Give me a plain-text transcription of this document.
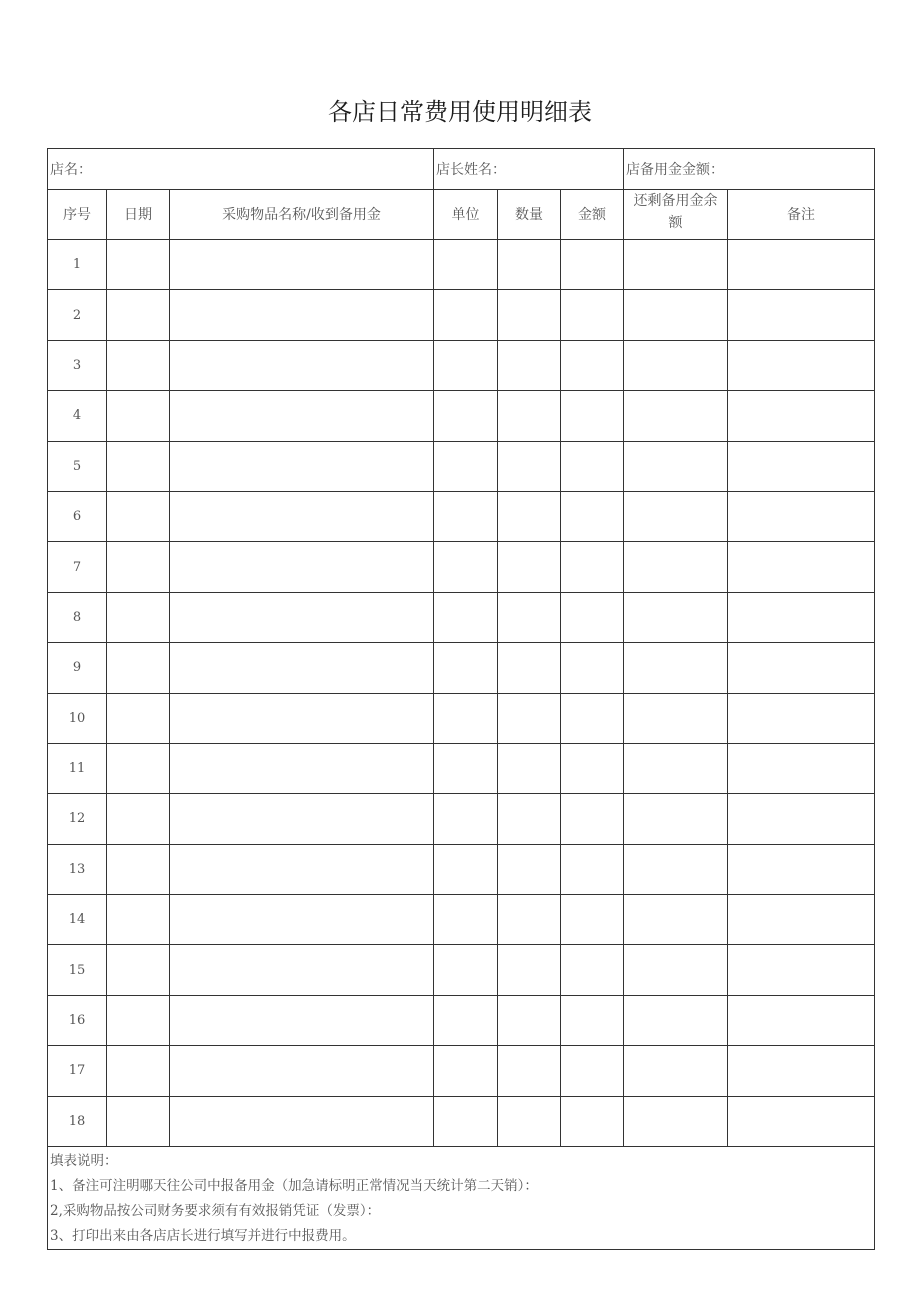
各店日常费用使用明细表
店名：			店长姓名：			店备用金金额：	
序号	日期	采购物品名称/收到备用金	单位	数量	金额	还剩备用金余额	备注
1							
2							
3							
4							
5							
6							
7							
8							
9							
10							
11							
12							
13							
14							
15							
16							
17							
18							

填表说明：
1、备注可注明哪天往公司中报备用金（加急请标明正常情况当天统计第二天销）：
2,采购物品按公司财务要求须有有效报销凭证（发票）：
3、打印出来由各店店长进行填写并进行中报费用。							
